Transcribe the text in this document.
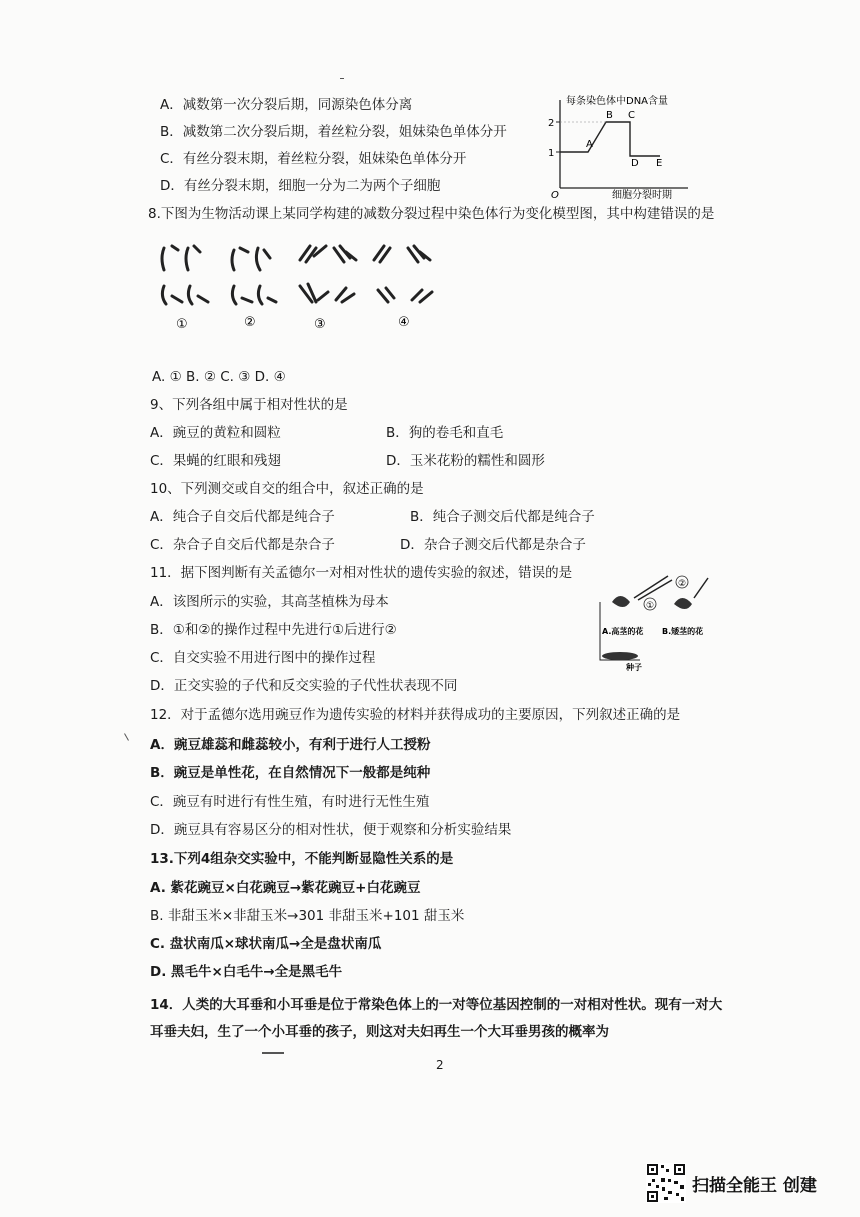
A．减数第一次分裂后期，同源染色体分离
B．减数第二次分裂后期，着丝粒分裂，姐妹染色单体分开
C．有丝分裂末期，着丝粒分裂，姐妹染色单体分开
D．有丝分裂末期，细胞一分为二为两个子细胞
每条染色体中DNA含量
细胞分裂时期
O
2
1
A
B C
D E
8.下图为生物活动课上某同学构建的减数分裂过程中染色体行为变化模型图，其中构建错误的是
①	②	③	④
A. ① B. ② C. ③ D. ④
9、下列各组中属于相对性状的是
A．豌豆的黄粒和圆粒	B．狗的卷毛和直毛
C．果蝇的红眼和残翅	D．玉米花粉的糯性和圆形
10、下列测交或自交的组合中，叙述正确的是
A．纯合子自交后代都是纯合子	B．纯合子测交后代都是纯合子
C．杂合子自交后代都是杂合子	D．杂合子测交后代都是杂合子
11．据下图判断有关孟德尔一对相对性状的遗传实验的叙述，错误的是
A．该图所示的实验，其高茎植株为母本
B．①和②的操作过程中先进行①后进行②
C．自交实验不用进行图中的操作过程
D．正交实验的子代和反交实验的子代性状表现不同
①
②
A.高茎的花 B.矮茎的花
种子
12．对于孟德尔选用豌豆作为遗传实验的材料并获得成功的主要原因，下列叙述正确的是
A．豌豆雄蕊和雌蕊较小，有利于进行人工授粉
B．豌豆是单性花，在自然情况下一般都是纯种
C．豌豆有时进行有性生殖，有时进行无性生殖
D．豌豆具有容易区分的相对性状，便于观察和分析实验结果
13.下列4组杂交实验中，不能判断显隐性关系的是
A. 紫花豌豆×白花豌豆→紫花豌豆+白花豌豆
B. 非甜玉米×非甜玉米→301 非甜玉米+101 甜玉米
C. 盘状南瓜×球状南瓜→全是盘状南瓜
D. 黑毛牛×白毛牛→全是黑毛牛
14．人类的大耳垂和小耳垂是位于常染色体上的一对等位基因控制的一对相对性状。现有一对大
耳垂夫妇，生了一个小耳垂的孩子，则这对夫妇再生一个大耳垂男孩的概率为
2
扫描全能王 创建
